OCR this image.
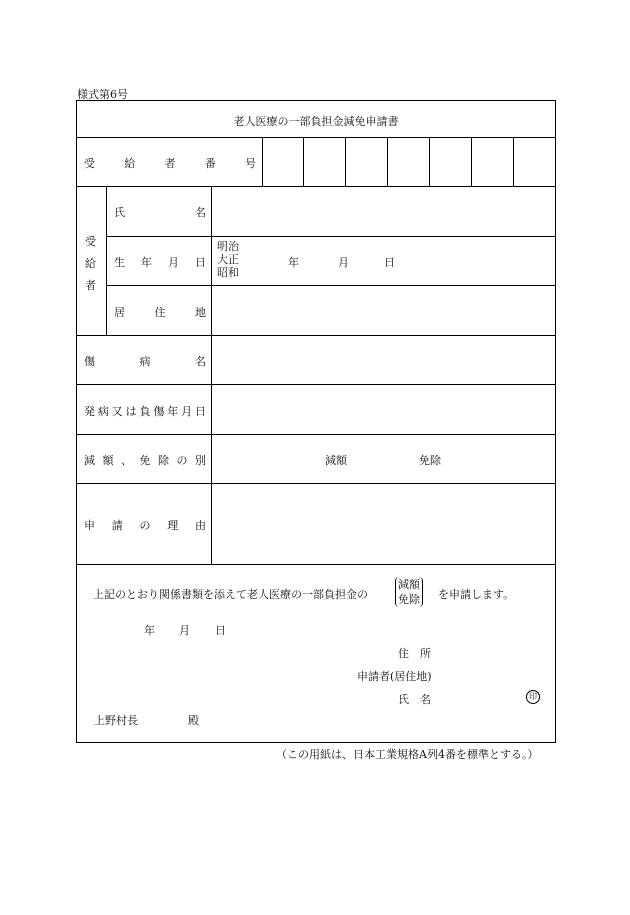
様式第6号
老人医療の一部負担金減免申請書
受	給	者	番	号
受
給
者
氏	名
生 年 月 日
明治
大正
昭和
年	月	日
居	住	地
傷	病	名
発 病 又 は 負 傷 年 月 日
減 額 、 免 除 の 別	減額	免除
申 請 の 理 由
上記のとおり関係書類を添えて老人医療の一部負担金の
減額
免除 を申請します。
年 月 日
住　所
申請者(居住地)
氏　名	印
上野村長	殿
（この用紙は、日本工業規格A列4番を標準とする。）
